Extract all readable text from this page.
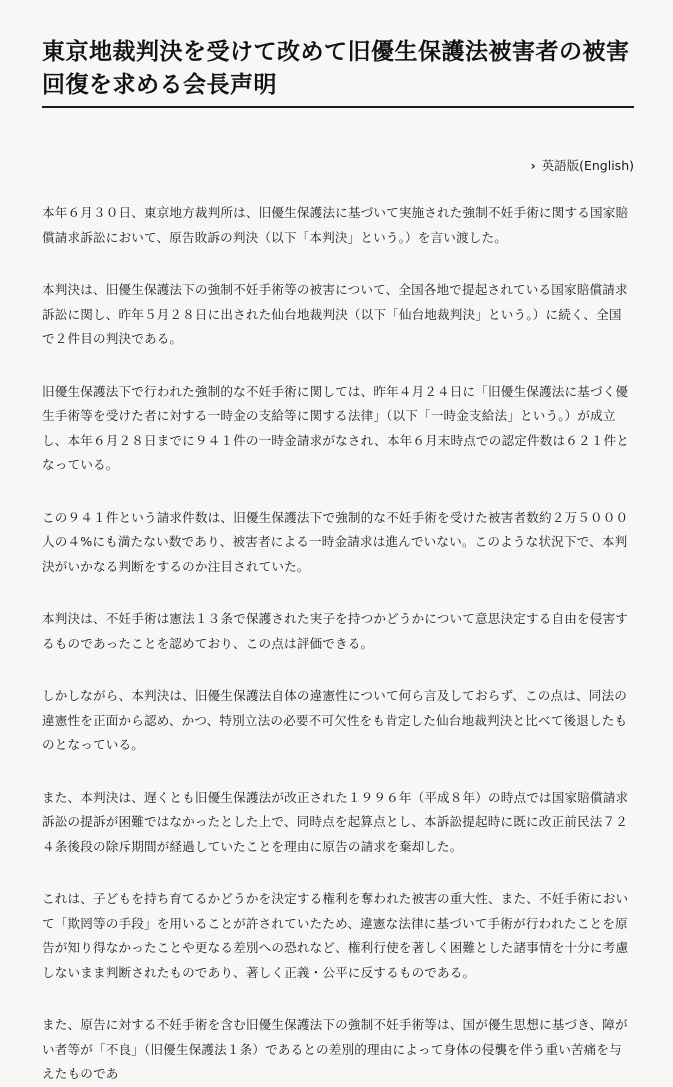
東京地裁判決を受けて改めて旧優生保護法被害者の被害回復を求める会長声明
› 英語版(English)

本年６月３０日、東京地方裁判所は、旧優生保護法に基づいて実施された強制不妊手術に関する国家賠償請求訴訟において、原告敗訴の判決（以下「本判決」という。）を言い渡した。

本判決は、旧優生保護法下の強制不妊手術等の被害について、全国各地で提起されている国家賠償請求訴訟に関し、昨年５月２８日に出された仙台地裁判決（以下「仙台地裁判決」という。）に続く、全国で２件目の判決である。

旧優生保護法下で行われた強制的な不妊手術に関しては、昨年４月２４日に「旧優生保護法に基づく優生手術等を受けた者に対する一時金の支給等に関する法律」（以下「一時金支給法」という。）が成立し、本年６月２８日までに９４１件の一時金請求がなされ、本年６月末時点での認定件数は６２１件となっている。

この９４１件という請求件数は、旧優生保護法下で強制的な不妊手術を受けた被害者数約２万５０００人の４%にも満たない数であり、被害者による一時金請求は進んでいない。このような状況下で、本判決がいかなる判断をするのか注目されていた。

本判決は、不妊手術は憲法１３条で保護された実子を持つかどうかについて意思決定する自由を侵害するものであったことを認めており、この点は評価できる。

しかしながら、本判決は、旧優生保護法自体の違憲性について何ら言及しておらず、この点は、同法の違憲性を正面から認め、かつ、特別立法の必要不可欠性をも肯定した仙台地裁判決と比べて後退したものとなっている。

また、本判決は、遅くとも旧優生保護法が改正された１９９６年（平成８年）の時点では国家賠償請求訴訟の提訴が困難ではなかったとした上で、同時点を起算点とし、本訴訟提起時に既に改正前民法７２４条後段の除斥期間が経過していたことを理由に原告の請求を棄却した。

これは、子どもを持ち育てるかどうかを決定する権利を奪われた被害の重大性、また、不妊手術において「欺罔等の手段」を用いることが許されていたため、違憲な法律に基づいて手術が行われたことを原告が知り得なかったことや更なる差別への恐れなど、権利行使を著しく困難とした諸事情を十分に考慮しないまま判断されたものであり、著しく正義・公平に反するものである。

また、原告に対する不妊手術を含む旧優生保護法下の強制不妊手術等は、国が優生思想に基づき、障がい者等が「不良」（旧優生保護法１条）であるとの差別的理由によって身体の侵襲を伴う重い苦痛を与えたものであ
